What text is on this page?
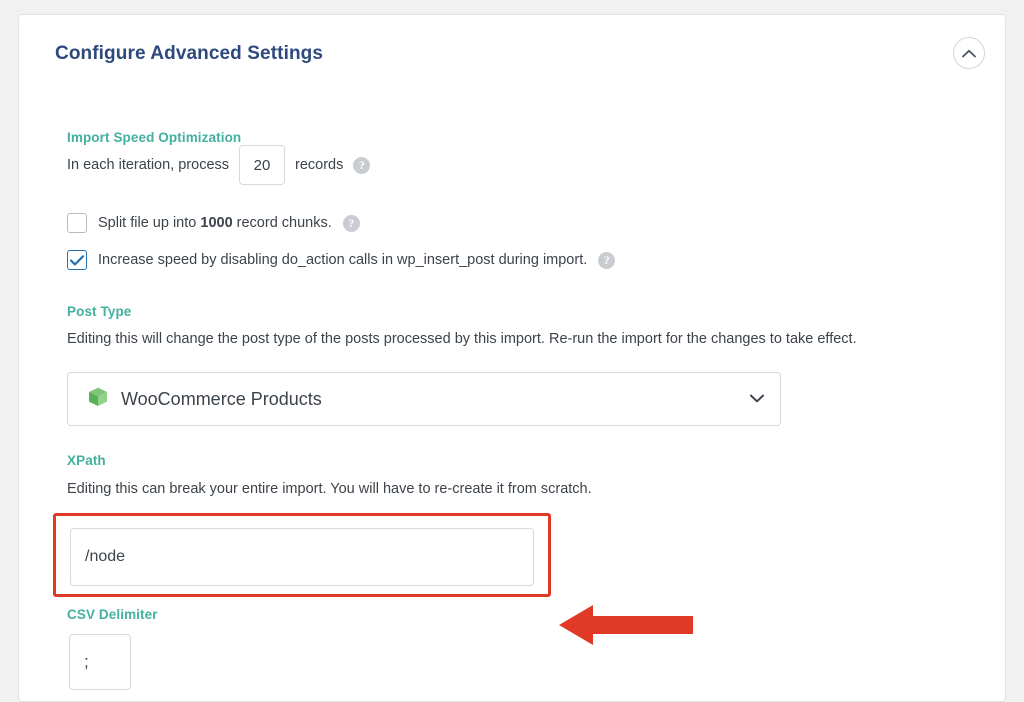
Configure Advanced Settings
Import Speed Optimization
In each iteration, process
20	records	?
Split file up into 1000 record chunks.	?
Increase speed by disabling do_action calls in wp_insert_post during import.	?
Post Type
Editing this will change the post type of the posts processed by this import. Re-run the import for the changes to take effect.
WooCommerce Products
XPath
Editing this can break your entire import. You will have to re-create it from scratch.
/node
CSV Delimiter
;
